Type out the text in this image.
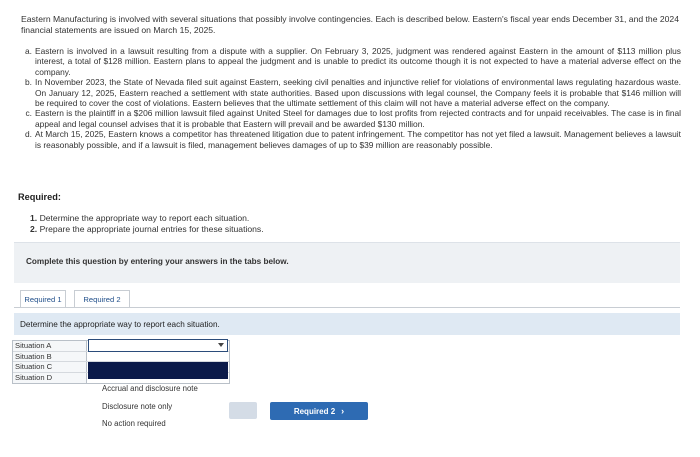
Eastern Manufacturing is involved with several situations that possibly involve contingencies. Each is described below. Eastern's fiscal year ends December 31, and the 2024 financial statements are issued on March 15, 2025.
a. Eastern is involved in a lawsuit resulting from a dispute with a supplier. On February 3, 2025, judgment was rendered against Eastern in the amount of $113 million plus interest, a total of $128 million. Eastern plans to appeal the judgment and is unable to predict its outcome though it is not expected to have a material adverse effect on the company.
b. In November 2023, the State of Nevada filed suit against Eastern, seeking civil penalties and injunctive relief for violations of environmental laws regulating hazardous waste. On January 12, 2025, Eastern reached a settlement with state authorities. Based upon discussions with legal counsel, the Company feels it is probable that $146 million will be required to cover the cost of violations. Eastern believes that the ultimate settlement of this claim will not have a material adverse effect on the company.
c. Eastern is the plaintiff in a $206 million lawsuit filed against United Steel for damages due to lost profits from rejected contracts and for unpaid receivables. The case is in final appeal and legal counsel advises that it is probable that Eastern will prevail and be awarded $130 million.
d. At March 15, 2025, Eastern knows a competitor has threatened litigation due to patent infringement. The competitor has not yet filed a lawsuit. Management believes a lawsuit is reasonably possible, and if a lawsuit is filed, management believes damages of up to $39 million are reasonably possible.
Required:
1. Determine the appropriate way to report each situation.
2. Prepare the appropriate journal entries for these situations.
Complete this question by entering your answers in the tabs below.
Required 1	Required 2
Determine the appropriate way to report each situation.
Situation A
Situation B
Situation C
Situation D
Accrual and disclosure note
Disclosure note only
No action required
Required 2 ›
